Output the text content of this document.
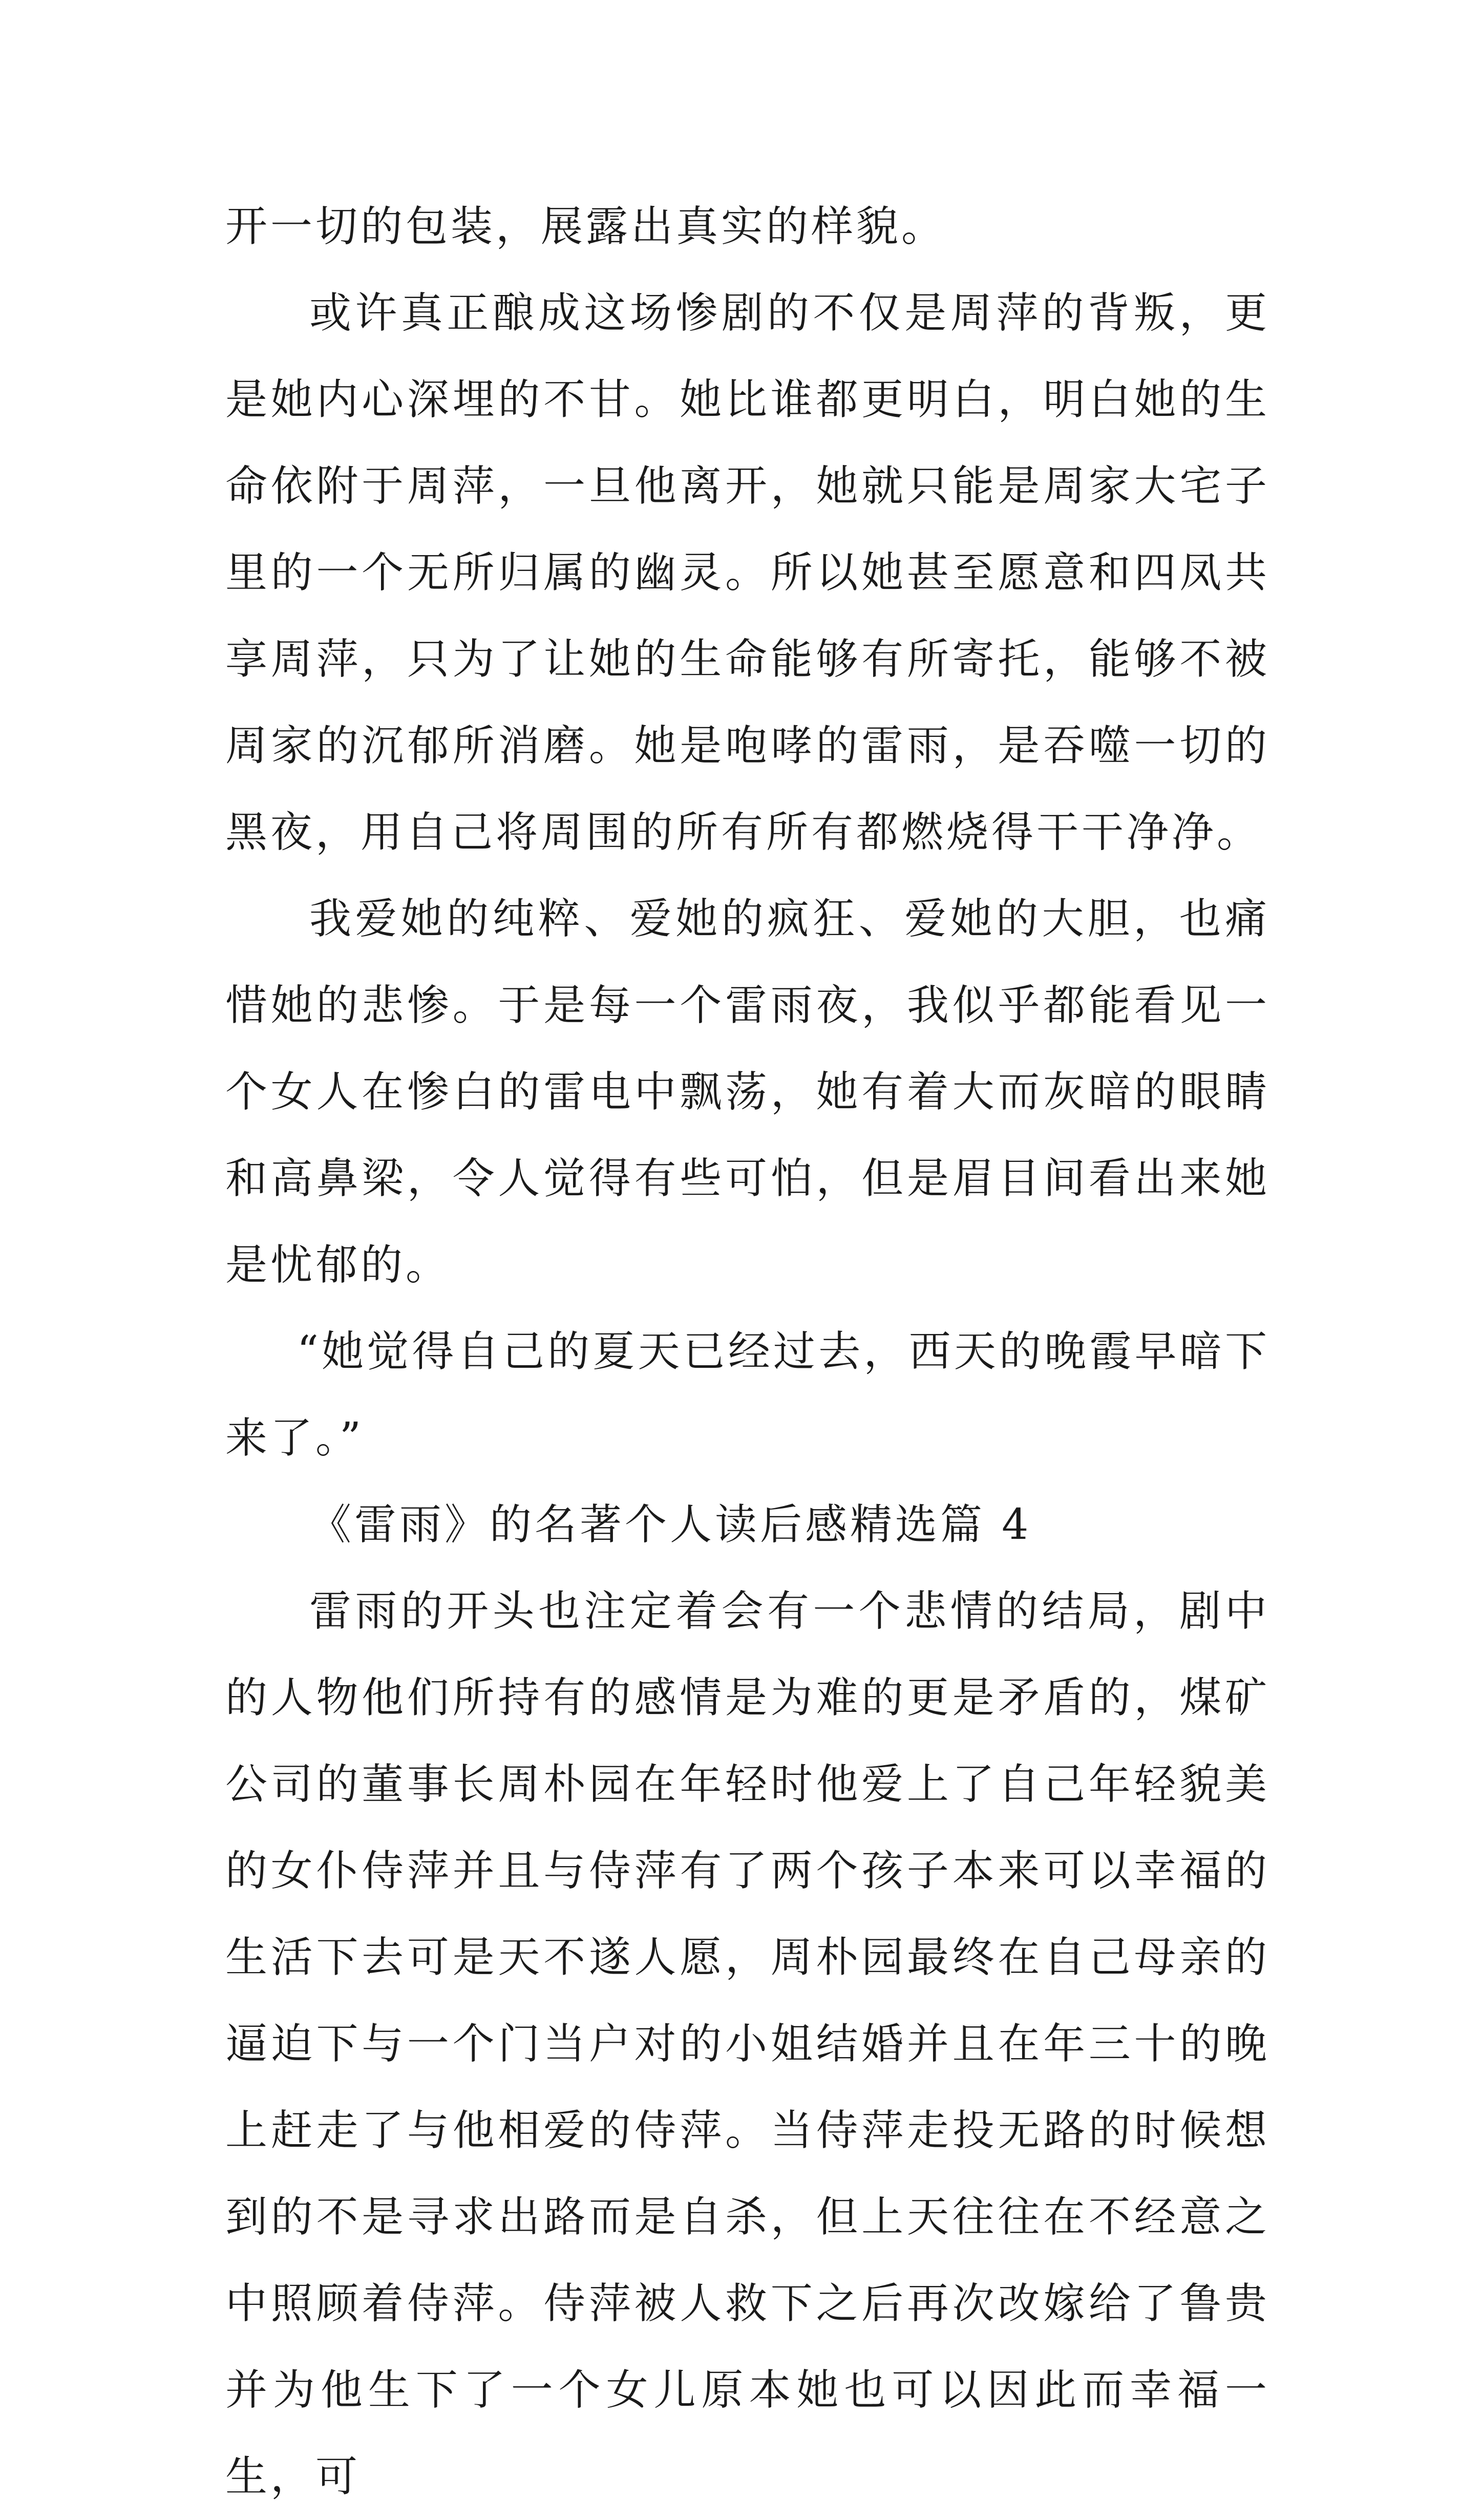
开一切的包装，展露出真实的样貌。

或许真正酿成这场惨剧的不仅是周萍的背叛，更是她内心深埋的不甘。她比谁都更明白，明白她的生命依附于周萍，一旦他离开，她就只能是周家大宅子里的一个无所归属的幽灵。所以她甚至愿意和四凤共享周萍，只为了让她的生命能够有所寄托，能够不被周家的沉郁所消磨。她是咆哮的雷雨，是吞噬一切的黑夜，用自己将周围的所有所有都燃烧得干干净净。

我爱她的纯粹、爱她的疯狂、爱她的大胆，也痛惜她的悲惨。于是每一个雷雨夜，我似乎都能看见一个女人在惨白的雷电中飘荡，她有着大而灰暗的眼睛和高鼻梁，令人觉得有些可怕，但是眉目间看出来她是忧郁的。

“她觉得自己的夏天已经过去，西天的晚霞早暗下来了。”

《雷雨》的名著个人读后感精选篇 4

雷雨的开头也注定着会有一个悲情的结局，剧中的人物他们所持有的感情是为难的更是矛盾的，煤矿公司的董事长周朴园在年轻时他爱上了自己年轻貌美的女仆侍萍并且与侍萍有了两个孩子本来可以幸福的生活下去可是天不遂人愿，周朴园最终在自己母亲的逼迫下与一个门当户对的小姐结婚并且在年三十的晚上赶走了与他相爱的侍萍。当侍萍走投无路的时候想到的不是寻求出路而是自杀，但上天往往在不经意之中照顾着侍萍。侍萍被人救下之后再次改嫁给了鲁贵并为他生下了一个女儿原本她也可以因此而幸福一生，可
